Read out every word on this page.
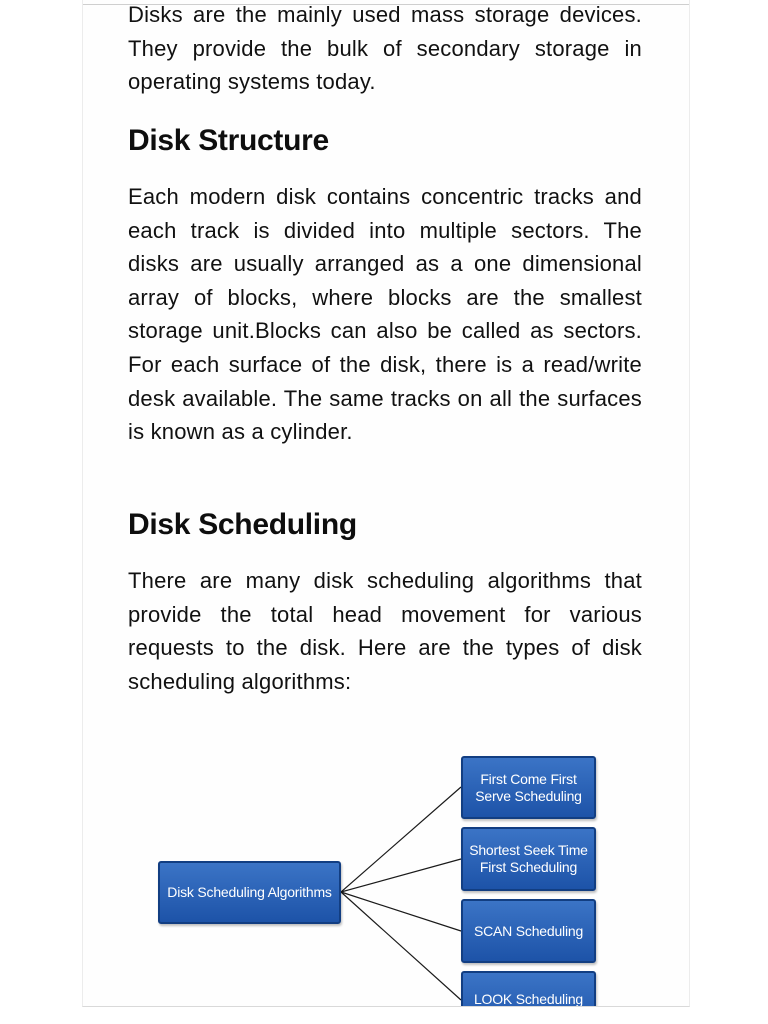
Disks are the mainly used mass storage devices. They provide the bulk of secondary storage in operating systems today.

Disk Structure

Each modern disk contains concentric tracks and each track is divided into multiple sectors. The disks are usually arranged as a one dimensional array of blocks, where blocks are the smallest storage unit.Blocks can also be called as sectors. For each surface of the disk, there is a read/write desk available. The same tracks on all the surfaces is known as a cylinder.

Disk Scheduling

There are many disk scheduling algorithms that provide the total head movement for various requests to the disk. Here are the types of disk scheduling algorithms:

Disk Scheduling Algorithms
First Come First Serve Scheduling
Shortest Seek Time First Scheduling
SCAN Scheduling
LOOK Scheduling
